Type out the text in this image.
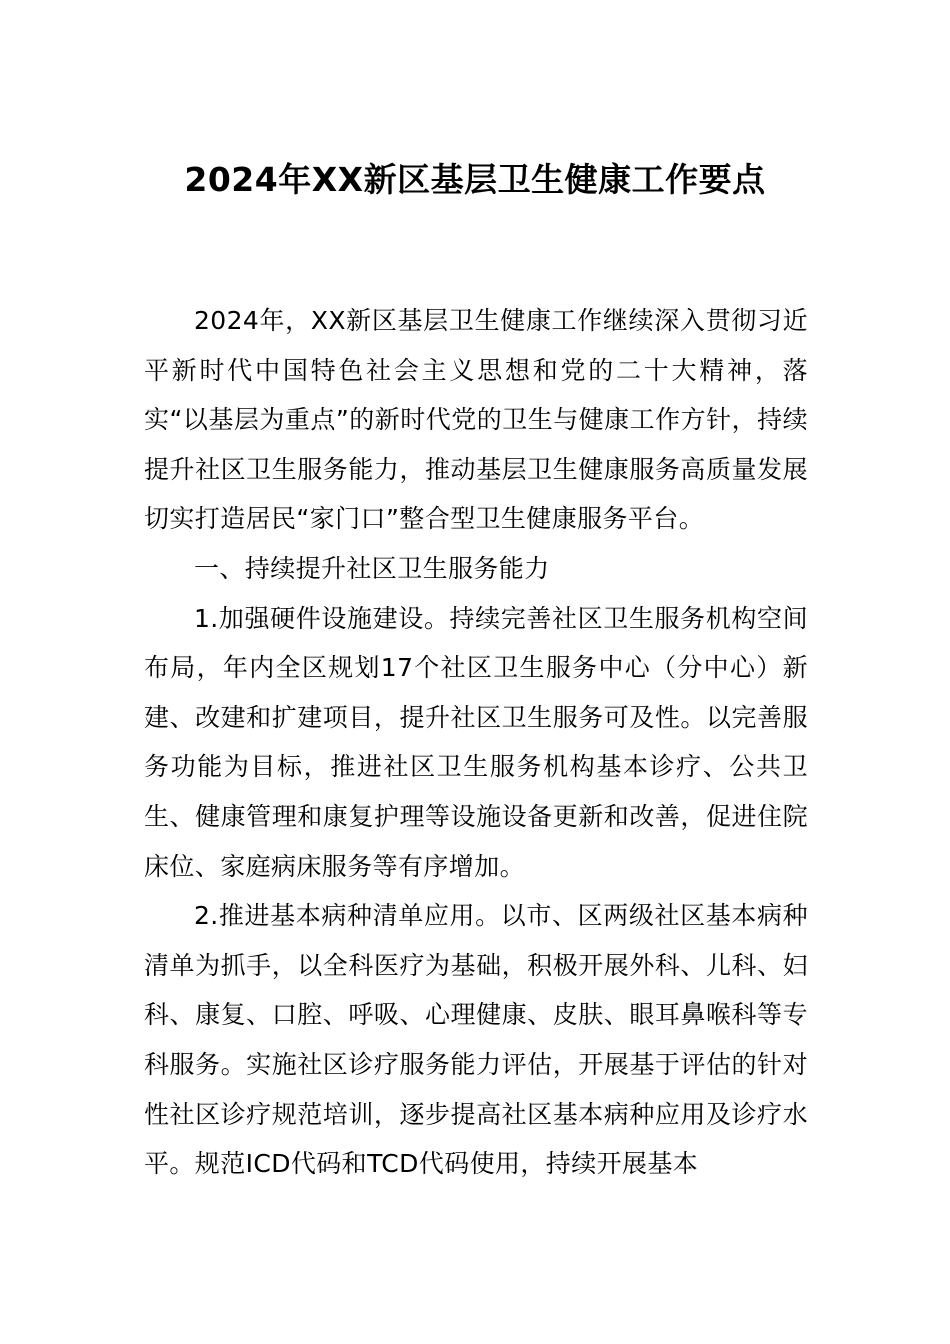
2024年XX新区基层卫生健康工作要点

2024年，XX新区基层卫生健康工作继续深入贯彻习近平新时代中国特色社会主义思想和党的二十大精神，落实“以基层为重点”的新时代党的卫生与健康工作方针，持续提升社区卫生服务能力，推动基层卫生健康服务高质量发展切实打造居民“家门口”整合型卫生健康服务平台。

一、持续提升社区卫生服务能力

1.加强硬件设施建设。持续完善社区卫生服务机构空间布局，年内全区规划17个社区卫生服务中心（分中心）新建、改建和扩建项目，提升社区卫生服务可及性。以完善服务功能为目标，推进社区卫生服务机构基本诊疗、公共卫生、健康管理和康复护理等设施设备更新和改善，促进住院床位、家庭病床服务等有序增加。

2.推进基本病种清单应用。以市、区两级社区基本病种清单为抓手，以全科医疗为基础，积极开展外科、儿科、妇科、康复、口腔、呼吸、心理健康、皮肤、眼耳鼻喉科等专科服务。实施社区诊疗服务能力评估，开展基于评估的针对性社区诊疗规范培训，逐步提高社区基本病种应用及诊疗水平。规范ICD代码和TCD代码使用，持续开展基本
